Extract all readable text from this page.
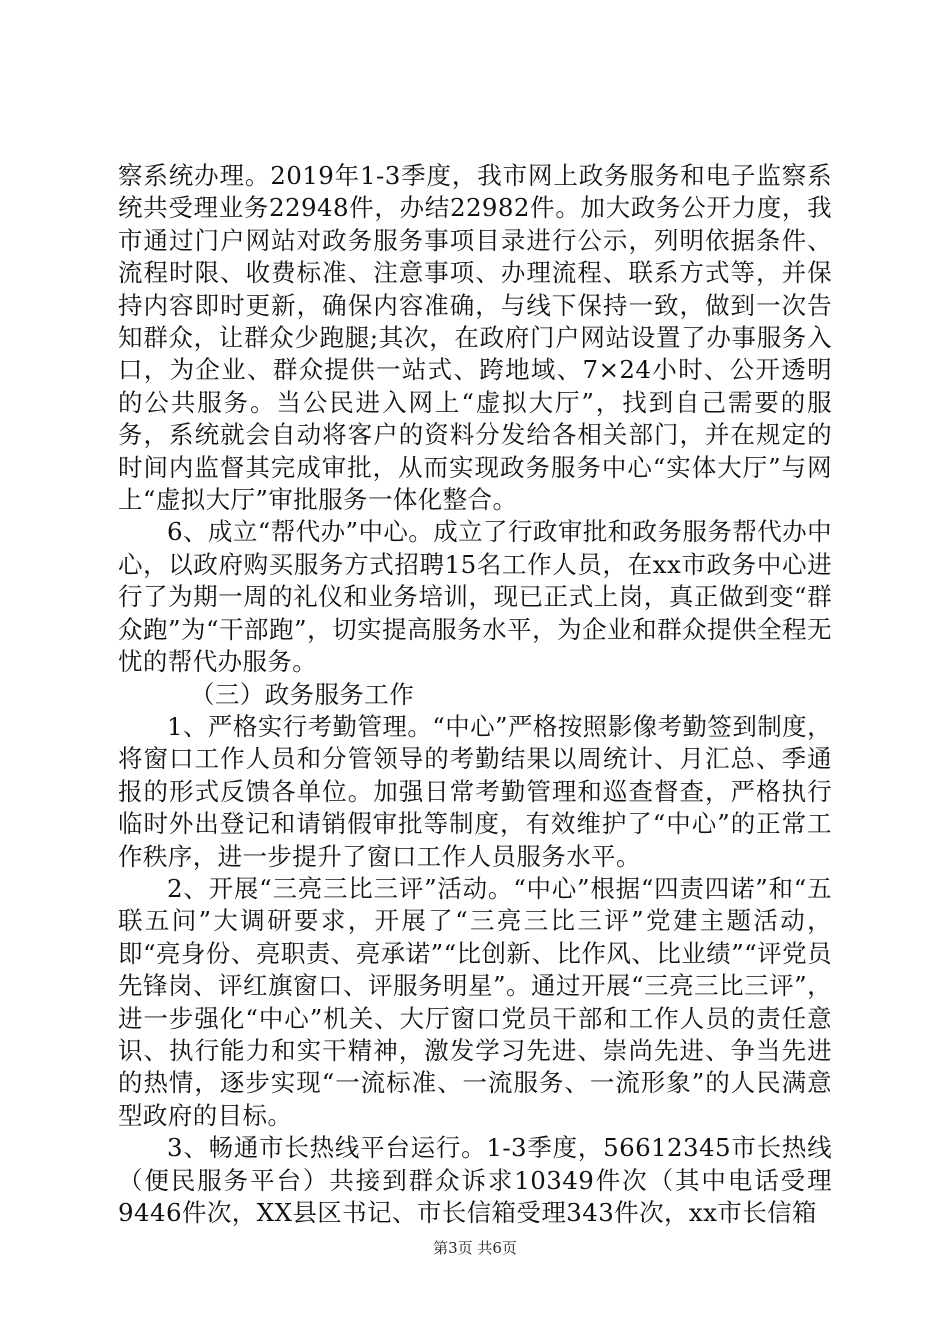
察系统办理。2019年1-3季度，我市网上政务服务和电子监察系统共受理业务22948件，办结22982件。加大政务公开力度，我市通过门户网站对政务服务事项目录进行公示，列明依据条件、流程时限、收费标准、注意事项、办理流程、联系方式等，并保持内容即时更新，确保内容准确，与线下保持一致，做到一次告知群众，让群众少跑腿;其次，在政府门户网站设置了办事服务入口，为企业、群众提供一站式、跨地域、7×24小时、公开透明的公共服务。当公民进入网上“虚拟大厅”，找到自己需要的服务，系统就会自动将客户的资料分发给各相关部门，并在规定的时间内监督其完成审批，从而实现政务服务中心“实体大厅”与网上“虚拟大厅”审批服务一体化整合。

6、成立“帮代办”中心。成立了行政审批和政务服务帮代办中心，以政府购买服务方式招聘15名工作人员，在xx市政务中心进行了为期一周的礼仪和业务培训，现已正式上岗，真正做到变“群众跑”为“干部跑”，切实提高服务水平，为企业和群众提供全程无忧的帮代办服务。

（三）政务服务工作

1、严格实行考勤管理。“中心”严格按照影像考勤签到制度，将窗口工作人员和分管领导的考勤结果以周统计、月汇总、季通报的形式反馈各单位。加强日常考勤管理和巡查督查，严格执行临时外出登记和请销假审批等制度，有效维护了“中心”的正常工作秩序，进一步提升了窗口工作人员服务水平。

2、开展“三亮三比三评”活动。“中心”根据“四责四诺”和“五联五问”大调研要求，开展了“三亮三比三评”党建主题活动，即“亮身份、亮职责、亮承诺”“比创新、比作风、比业绩”“评党员先锋岗、评红旗窗口、评服务明星”。通过开展“三亮三比三评”，进一步强化“中心”机关、大厅窗口党员干部和工作人员的责任意识、执行能力和实干精神，激发学习先进、崇尚先进、争当先进的热情，逐步实现“一流标准、一流服务、一流形象”的人民满意型政府的目标。

3、畅通市长热线平台运行。1-3季度，56612345市长热线（便民服务平台）共接到群众诉求10349件次（其中电话受理9446件次，XX县区书记、市长信箱受理343件次，xx市长信箱

第3页 共6页
